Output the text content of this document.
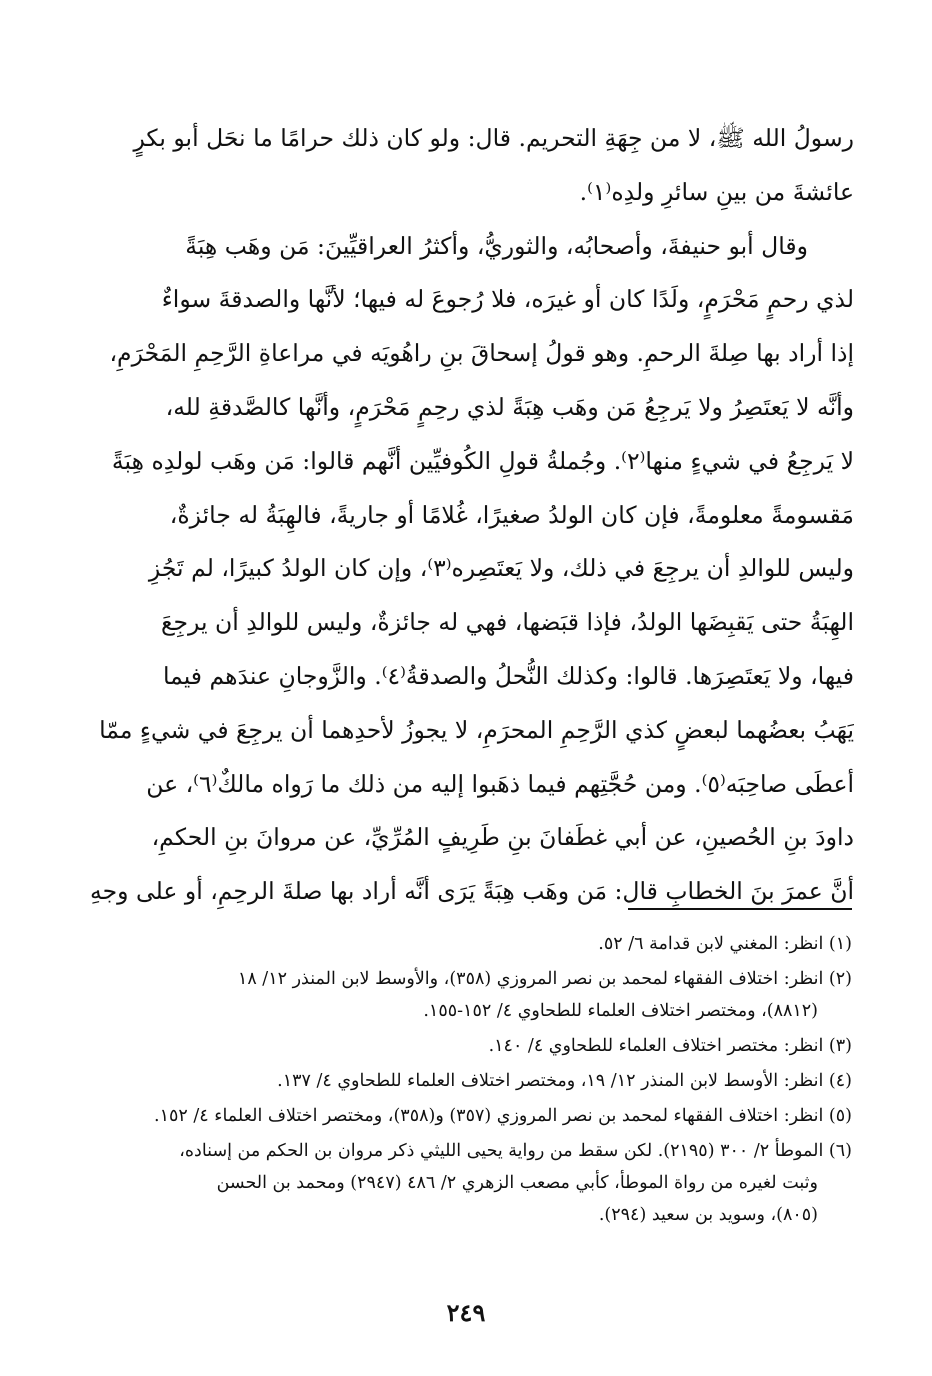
رسولُ الله ﷺ، لا من جِهَةِ التحريم. قال: ولو كان ذلك حرامًا ما نحَل أبو بكرٍ
عائشةَ من بينِ سائرِ ولدِه⁽١⁾.
وقال أبو حنيفةَ، وأصحابُه، والثوريُّ، وأكثرُ العراقيِّينَ: مَن وهَب هِبَةً
لذي رحمٍ مَحْرَمٍ، ولَدًا كان أو غيرَه، فلا رُجوعَ له فيها؛ لأنَّها والصدقةَ سواءٌ
إذا أراد بها صِلةَ الرحمِ. وهو قولُ إسحاقَ بنِ راهُويَه في مراعاةِ الرَّحِمِ المَحْرَمِ،
وأنَّه لا يَعتَصِرُ ولا يَرجِعُ مَن وهَب هِبَةً لذي رحِمٍ مَحْرَمٍ، وأنَّها كالصَّدقةِ لله،
لا يَرجِعُ في شيءٍ منها⁽٢⁾. وجُملةُ قولِ الكُوفيِّين أنَّهم قالوا: مَن وهَب لولدِه هِبَةً
مَقسومةً معلومةً، فإن كان الولدُ صغيرًا، غُلامًا أو جاريةً، فالهِبَةُ له جائزةٌ،
وليس للوالدِ أن يرجِعَ في ذلك، ولا يَعتَصِره⁽٣⁾، وإن كان الولدُ كبيرًا، لم تَجُزِ
الهِبَةُ حتى يَقبِضَها الولدُ، فإذا قبَضها، فهي له جائزةٌ، وليس للوالدِ أن يرجِعَ
فيها، ولا يَعتَصِرَها. قالوا: وكذلك النُّحلُ والصدقةُ⁽٤⁾. والزَّوجانِ عندَهم فيما
يَهَبُ بعضُهما لبعضٍ كذي الرَّحِمِ المحرَمِ، لا يجوزُ لأحدِهما أن يرجِعَ في شيءٍ ممّا
أعطَى صاحِبَه⁽٥⁾. ومن حُجَّتِهم فيما ذهَبوا إليه من ذلك ما رَواه مالكٌ⁽٦⁾، عن
داودَ بنِ الحُصينِ، عن أبي غطَفانَ بنِ طَرِيفٍ المُرِّيِّ، عن مروانَ بنِ الحكمِ،
أنَّ عمرَ بنَ الخطابِ قال: مَن وهَب هِبَةً يَرَى أنَّه أراد بها صلةَ الرحِمِ، أو على وجهِ
(١) انظر: المغني لابن قدامة ٦/ ٥٢.
(٢) انظر: اختلاف الفقهاء لمحمد بن نصر المروزي (٣٥٨)، والأوسط لابن المنذر ١٢/ ١٨
(٨٨١٢)، ومختصر اختلاف العلماء للطحاوي ٤/ ١٥٢-١٥٥.
(٣) انظر: مختصر اختلاف العلماء للطحاوي ٤/ ١٤٠.
(٤) انظر: الأوسط لابن المنذر ١٢/ ١٩، ومختصر اختلاف العلماء للطحاوي ٤/ ١٣٧.
(٥) انظر: اختلاف الفقهاء لمحمد بن نصر المروزي (٣٥٧) و(٣٥٨)، ومختصر اختلاف العلماء ٤/ ١٥٢.
(٦) الموطأ ٢/ ٣٠٠ (٢١٩٥). لكن سقط من رواية يحيى الليثي ذكر مروان بن الحكم من إسناده،
وثبت لغيره من رواة الموطأ، كأبي مصعب الزهري ٢/ ٤٨٦ (٢٩٤٧) ومحمد بن الحسن
(٨٠٥)، وسويد بن سعيد (٢٩٤).
٢٤٩
